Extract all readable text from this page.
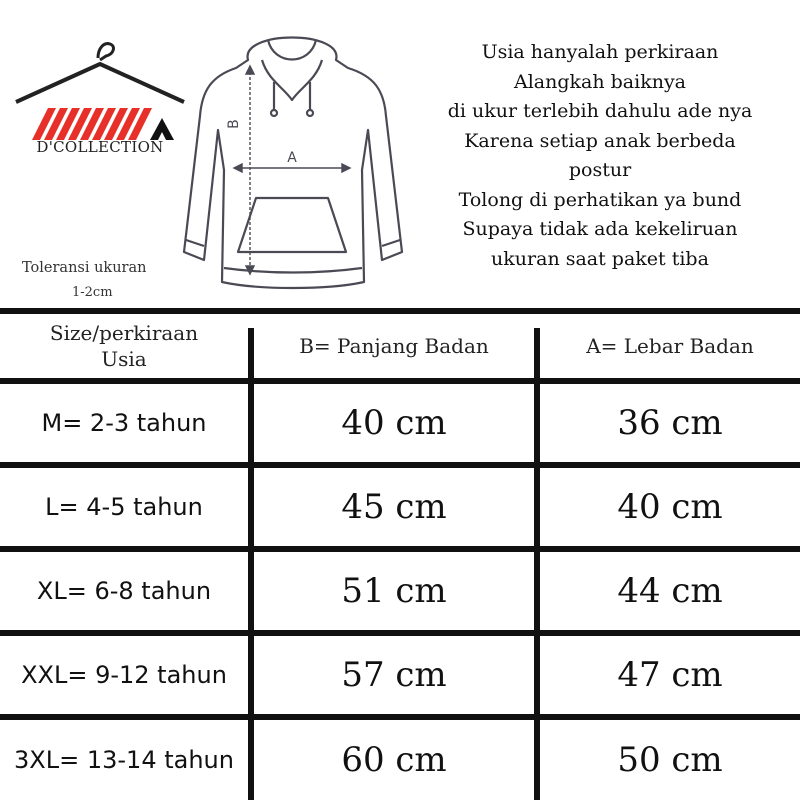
D'COLLECTION
A
B
Toleransi ukuran
1-2cm
Usia hanyalah perkiraan
Alangkah baiknya
di ukur terlebih dahulu ade nya
Karena setiap anak berbeda
postur
Tolong di perhatikan ya bund
Supaya tidak ada kekeliruan
ukuran saat paket tiba
Size/perkiraan
Usia
B= Panjang Badan	A= Lebar Badan
M= 2-3 tahun	40 cm	36 cm
L= 4-5 tahun	45 cm	40 cm
XL= 6-8 tahun	51 cm	44 cm
XXL= 9-12 tahun	57 cm	47 cm
3XL= 13-14 tahun	60 cm	50 cm
